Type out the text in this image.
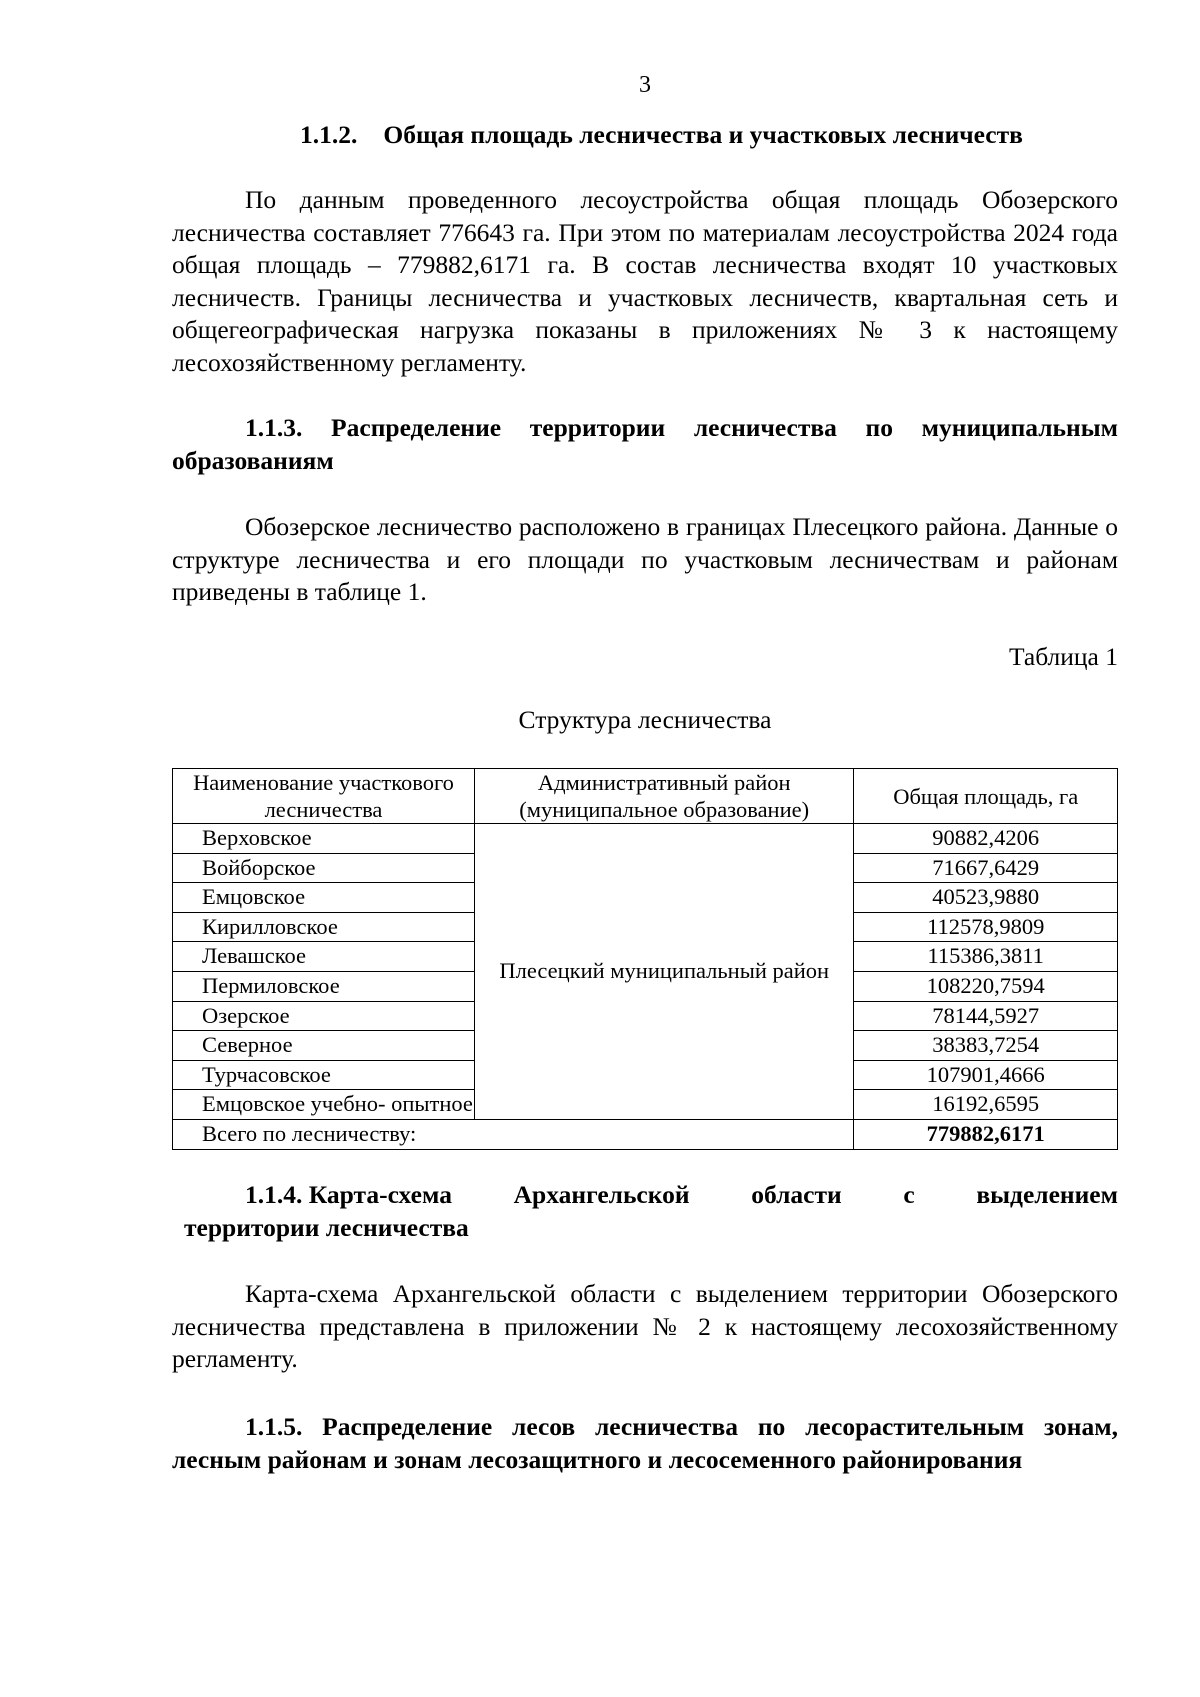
3

1.1.2. Общая площадь лесничества и участковых лесничеств

По данным проведенного лесоустройства общая площадь Обозерского лесничества составляет 776643 га. При этом по материалам лесоустройства 2024 года общая площадь – 779882,6171 га. В состав лесничества входят 10 участковых лесничеств. Границы лесничества и участковых лесничеств, квартальная сеть и общегеографическая нагрузка показаны в приложениях № 3 к настоящему лесохозяйственному регламенту.

1.1.3. Распределение территории лесничества по муниципальным образованиям

Обозерское лесничество расположено в границах Плесецкого района. Данные о структуре лесничества и его площади по участковым лесничествам и районам приведены в таблице 1.

Таблица 1
Структура лесничества
Наименование участкового лесничества	Административный район (муниципальное образование)	Общая площадь, га
Верховское	Плесецкий муниципальный район	90882,4206
Войборское		71667,6429
Емцовское		40523,9880
Кирилловское		112578,9809
Левашское		115386,3811
Пермиловское		108220,7594
Озерское		78144,5927
Северное		38383,7254
Турчасовское		107901,4666
Емцовское учебно- опытное		16192,6595
Всего по лесничеству:		779882,6171
1.1.4. Карта-схема Архангельской области с выделением
территории лесничества

Карта-схема Архангельской области с выделением территории Обозерского лесничества представлена в приложении № 2 к настоящему лесохозяйственному регламенту.

1.1.5. Распределение лесов лесничества по лесорастительным зонам, лесным районам и зонам лесозащитного и лесосеменного районирования
